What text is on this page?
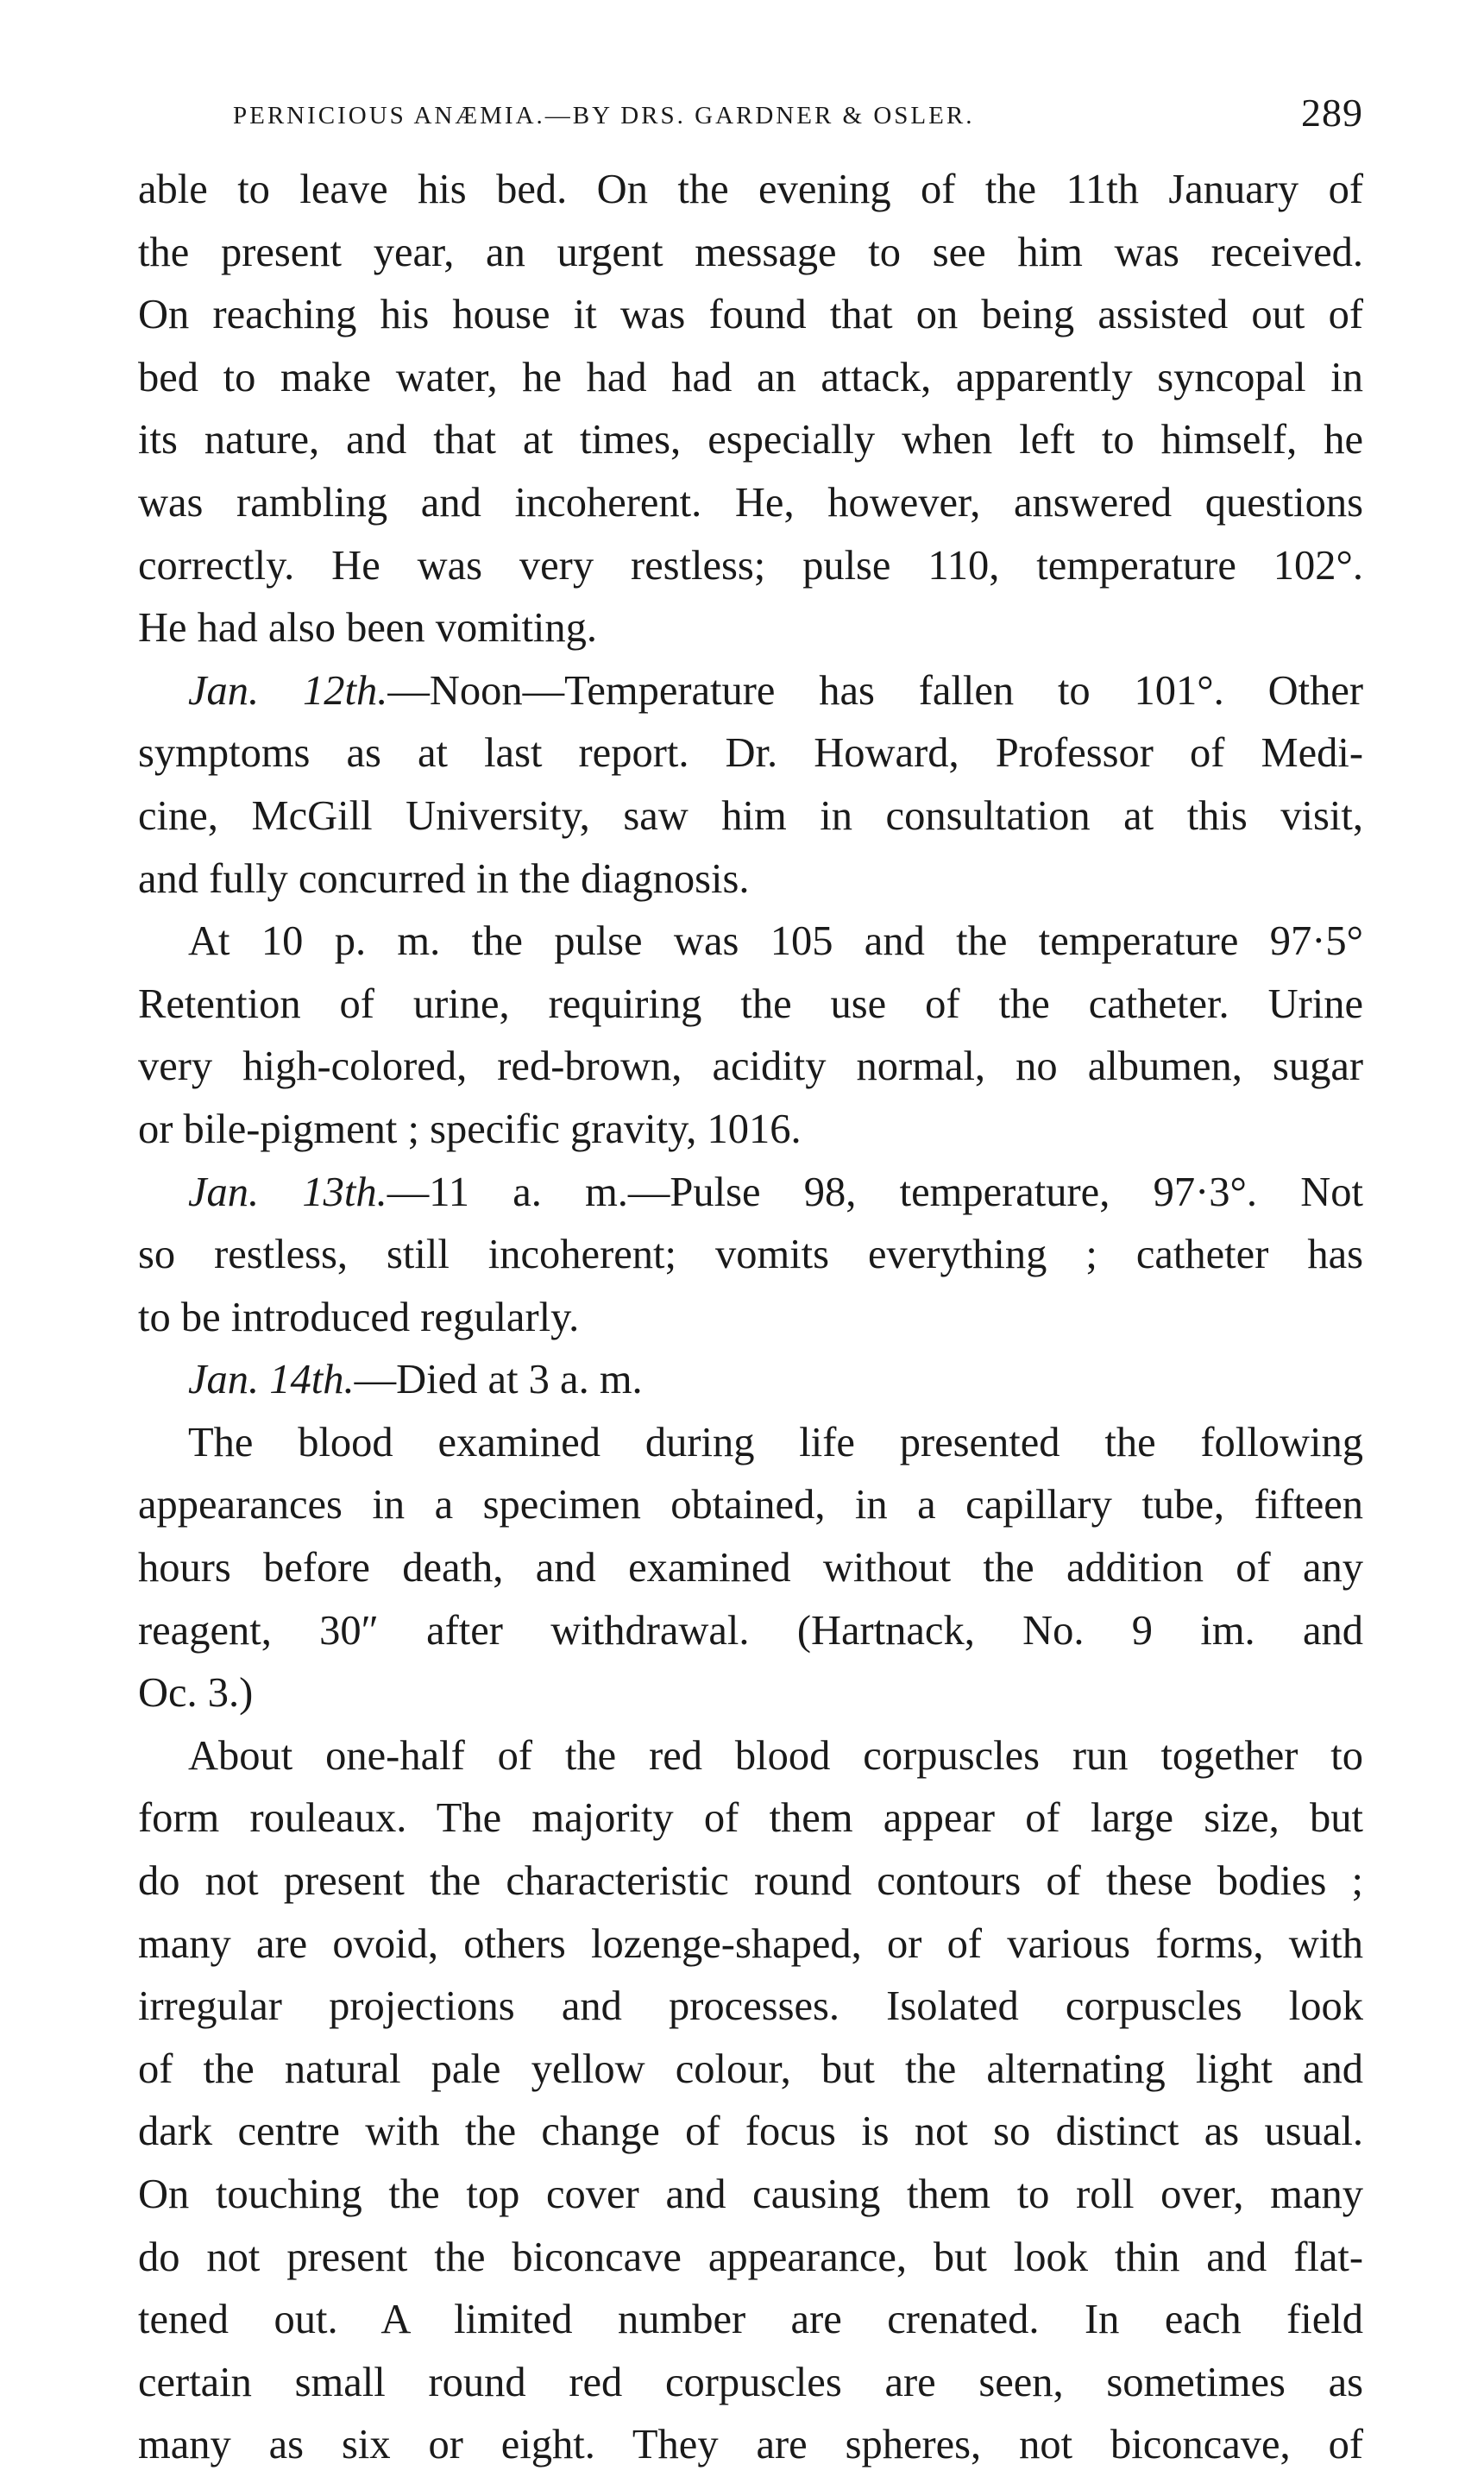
PERNICIOUS ANÆMIA.—BY DRS. GARDNER & OSLER.	289
able to leave his bed. On the evening of the 11th January of
the present year, an urgent message to see him was received.
On reaching his house it was found that on being assisted out of
bed to make water, he had had an attack, apparently syncopal in
its nature, and that at times, especially when left to himself, he
was rambling and incoherent. He, however, answered questions
correctly. He was very restless; pulse 110, temperature 102°.
He had also been vomiting.
Jan. 12th.—Noon—Temperature has fallen to 101°. Other
symptoms as at last report. Dr. Howard, Professor of Medi-
cine, McGill University, saw him in consultation at this visit,
and fully concurred in the diagnosis.
At 10 p. m. the pulse was 105 and the temperature 97·5°
Retention of urine, requiring the use of the catheter. Urine
very high-colored, red-brown, acidity normal, no albumen, sugar
or bile-pigment ; specific gravity, 1016.
Jan. 13th.—11 a. m.—Pulse 98, temperature, 97·3°. Not
so restless, still incoherent; vomits everything ; catheter has
to be introduced regularly.
Jan. 14th.—Died at 3 a. m.
The blood examined during life presented the following
appearances in a specimen obtained, in a capillary tube, fifteen
hours before death, and examined without the addition of any
reagent, 30″ after withdrawal. (Hartnack, No. 9 im. and
Oc. 3.)
About one-half of the red blood corpuscles run together to
form rouleaux. The majority of them appear of large size, but
do not present the characteristic round contours of these bodies ;
many are ovoid, others lozenge-shaped, or of various forms, with
irregular projections and processes. Isolated corpuscles look
of the natural pale yellow colour, but the alternating light and
dark centre with the change of focus is not so distinct as usual.
On touching the top cover and causing them to roll over, many
do not present the biconcave appearance, but look thin and flat-
tened out. A limited number are crenated. In each field
certain small round red corpuscles are seen, sometimes as
many as six or eight. They are spheres, not biconcave, of
